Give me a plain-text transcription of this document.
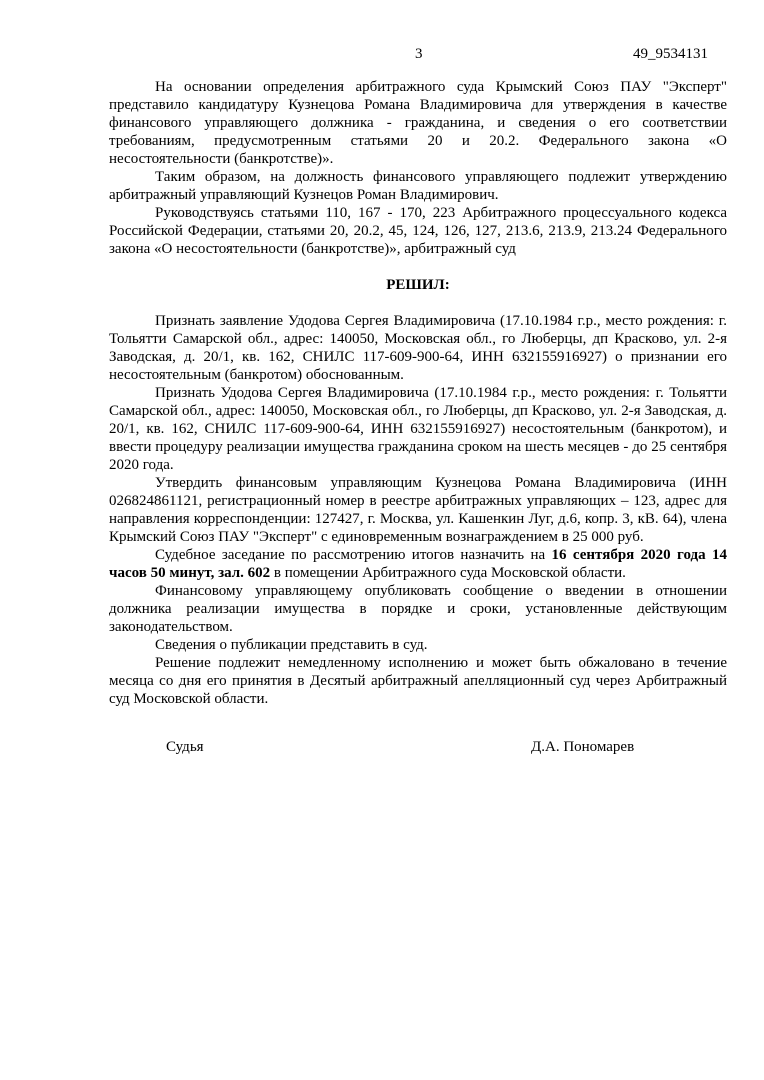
3	49_9534131

На основании определения арбитражного суда Крымский Союз ПАУ "Эксперт" представило кандидатуру Кузнецова Романа Владимировича для утверждения в качестве финансового управляющего должника - гражданина, и сведения о его соответствии требованиям, предусмотренным статьями 20 и 20.2. Федерального закона «О несостоятельности (банкротстве)».

Таким образом, на должность финансового управляющего подлежит утверждению арбитражный управляющий Кузнецов Роман Владимирович.

Руководствуясь статьями 110, 167 - 170, 223 Арбитражного процессуального кодекса Российской Федерации, статьями 20, 20.2, 45, 124, 126, 127, 213.6, 213.9, 213.24 Федерального закона «О несостоятельности (банкротстве)», арбитражный суд

РЕШИЛ:

Признать заявление Удодова Сергея Владимировича (17.10.1984 г.р., место рождения: г. Тольятти Самарской обл., адрес: 140050, Московская обл., го Люберцы, дп Красково, ул. 2-я Заводская, д. 20/1, кв. 162, СНИЛС 117-609-900-64, ИНН 632155916927) о признании его несостоятельным (банкротом) обоснованным.

Признать Удодова Сергея Владимировича (17.10.1984 г.р., место рождения: г. Тольятти Самарской обл., адрес: 140050, Московская обл., го Люберцы, дп Красково, ул. 2-я Заводская, д. 20/1, кв. 162, СНИЛС 117-609-900-64, ИНН 632155916927) несостоятельным (банкротом), и ввести процедуру реализации имущества гражданина сроком на шесть месяцев - до 25 сентября 2020 года.

Утвердить финансовым управляющим Кузнецова Романа Владимировича (ИНН 026824861121, регистрационный номер в реестре арбитражных управляющих – 123, адрес для направления корреспонденции: 127427, г. Москва, ул. Кашенкин Луг, д.6, копр. 3, кВ. 64), члена Крымский Союз ПАУ "Эксперт" с единовременным вознаграждением в 25 000 руб.

Судебное заседание по рассмотрению итогов назначить на 16 сентября 2020 года 14 часов 50 минут, зал. 602 в помещении Арбитражного суда Московской области.

Финансовому управляющему опубликовать сообщение о введении в отношении должника реализации имущества в порядке и сроки, установленные действующим законодательством.

Сведения о публикации представить в суд.

Решение подлежит немедленному исполнению и может быть обжаловано в течение месяца со дня его принятия в Десятый арбитражный апелляционный суд через Арбитражный суд Московской области.

Судья	Д.А. Пономарев
